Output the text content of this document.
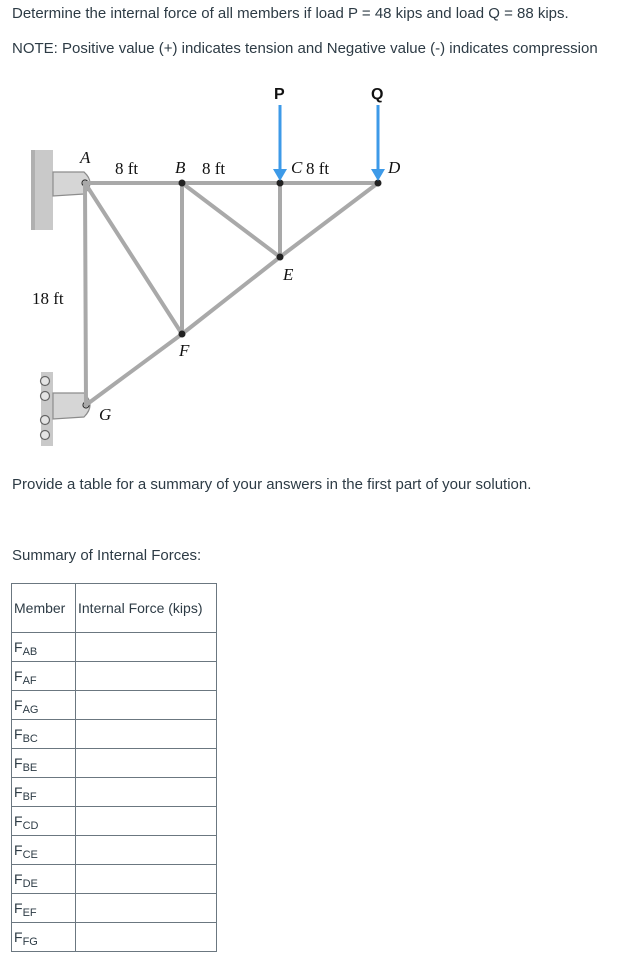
Determine the internal force of all members if load P = 48 kips and load Q = 88 kips.

NOTE: Positive value (+) indicates tension and Negative value (-) indicates compression

P	Q
A
B	C	D
E
F
G
8 ft	8 ft	8 ft
18 ft

Provide a table for a summary of your answers in the first part of your solution.

Summary of Internal Forces:

Member	Internal Force (kips)
$F_{AB}$	
$F_{AF}$	
$F_{AG}$	
$F_{BC}$	
$F_{BE}$	
$F_{BF}$	
$F_{CD}$	
$F_{CE}$	
$F_{DE}$	
$F_{EF}$	
$F_{FG}$	
